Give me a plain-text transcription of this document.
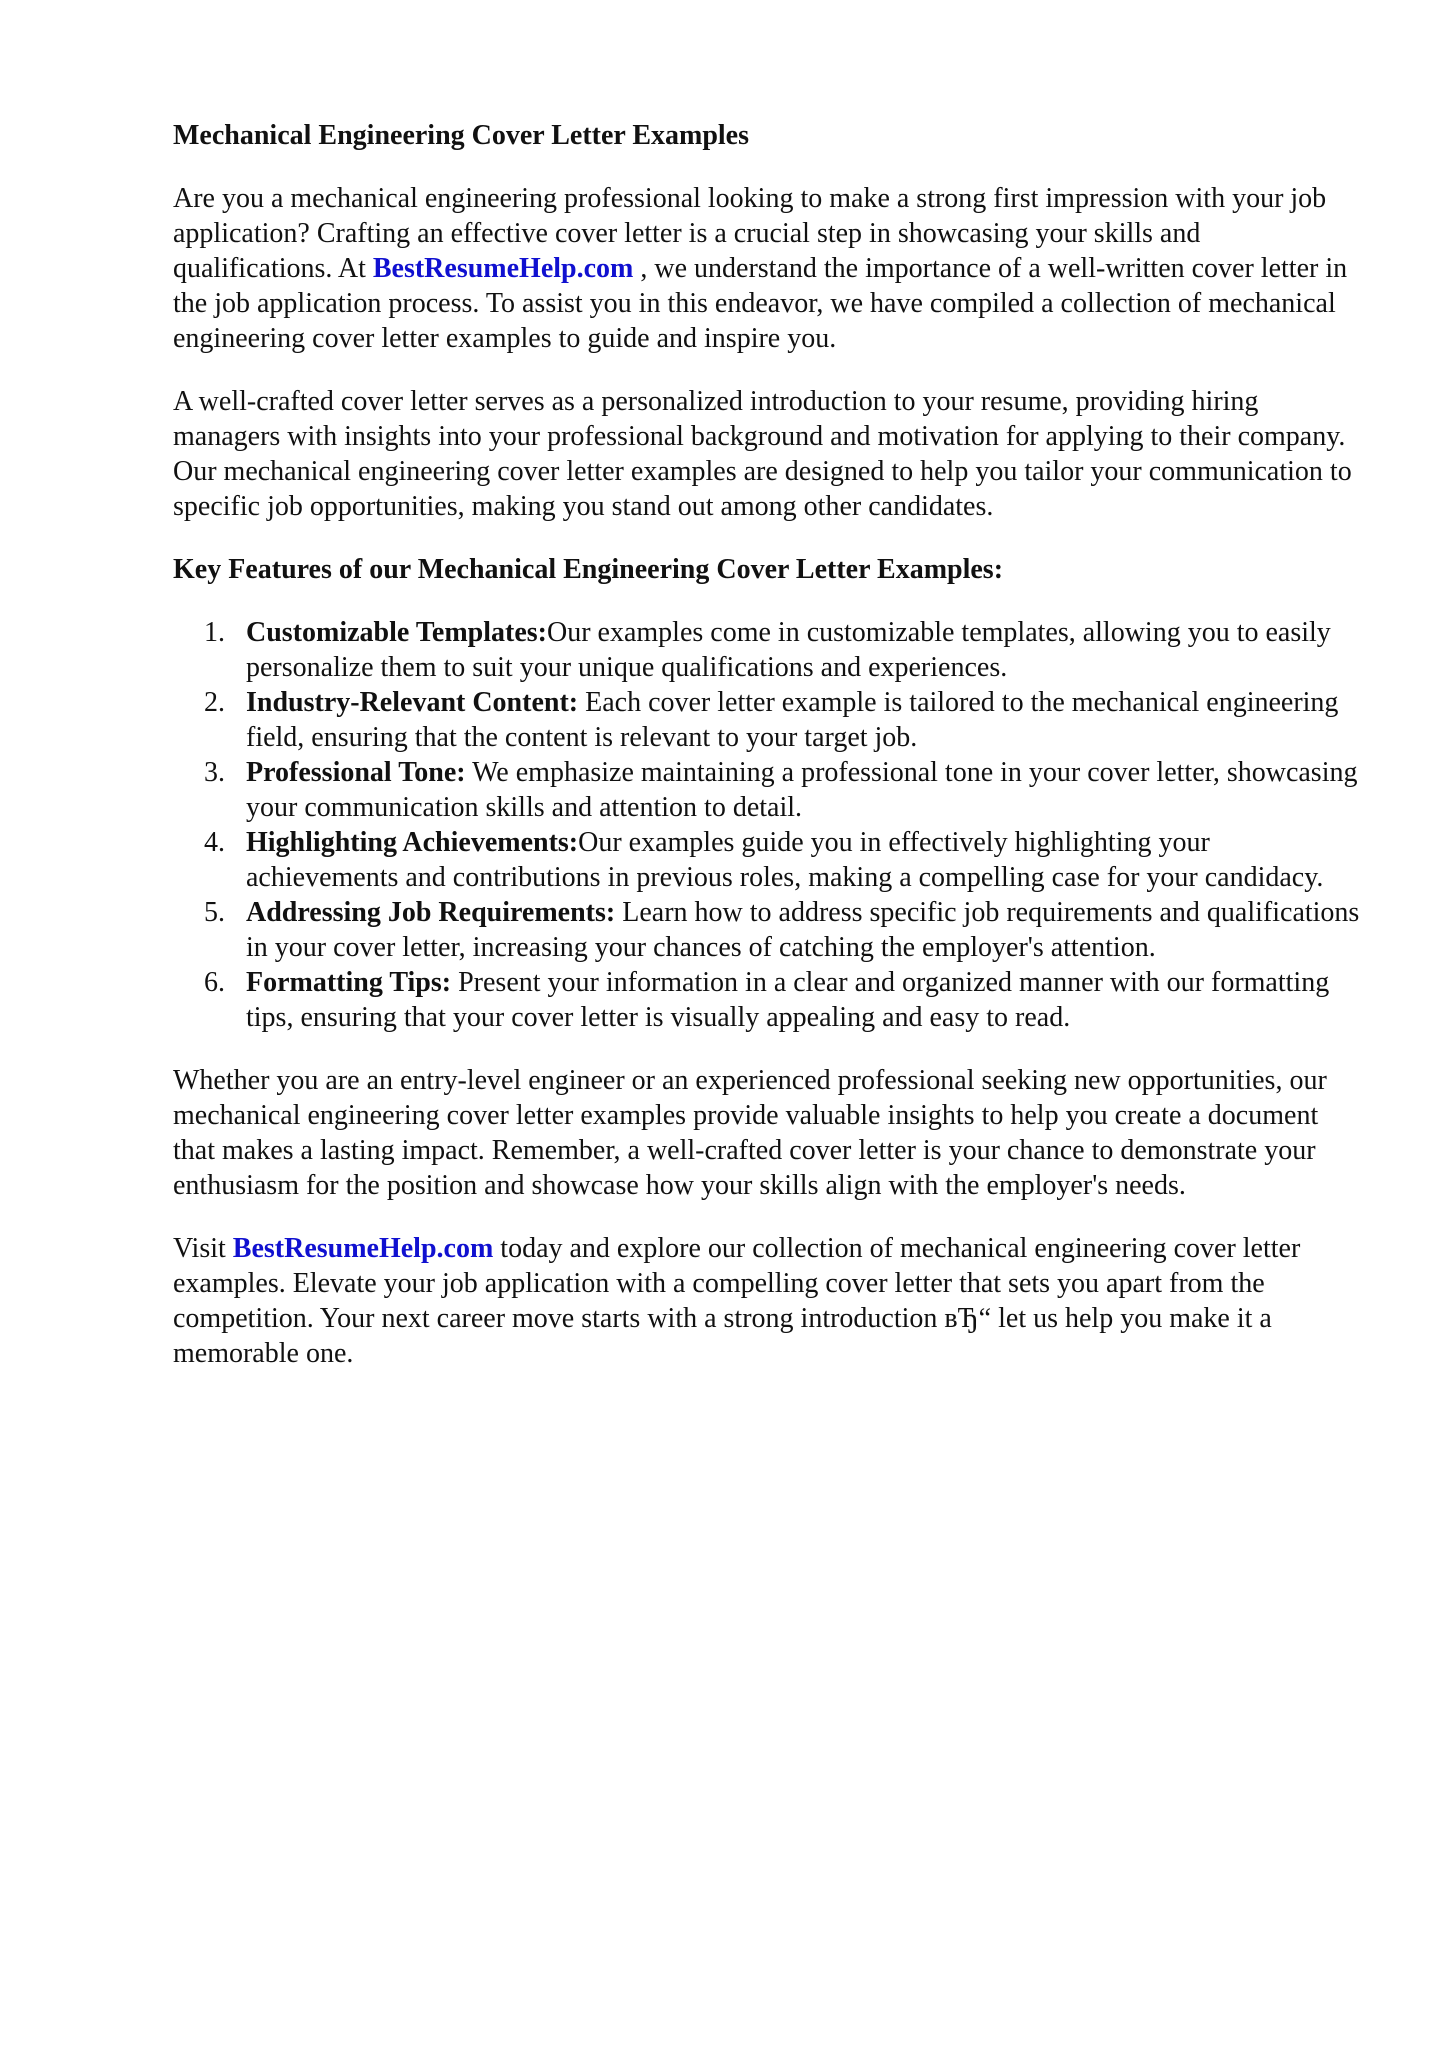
Mechanical Engineering Cover Letter Examples

Are you a mechanical engineering professional looking to make a strong first impression with your job application? Crafting an effective cover letter is a crucial step in showcasing your skills and qualifications. At BestResumeHelp.com , we understand the importance of a well-written cover letter in the job application process. To assist you in this endeavor, we have compiled a collection of mechanical engineering cover letter examples to guide and inspire you.

A well-crafted cover letter serves as a personalized introduction to your resume, providing hiring managers with insights into your professional background and motivation for applying to their company. Our mechanical engineering cover letter examples are designed to help you tailor your communication to specific job opportunities, making you stand out among other candidates.

Key Features of our Mechanical Engineering Cover Letter Examples:
1. Customizable Templates:Our examples come in customizable templates, allowing you to easily personalize them to suit your unique qualifications and experiences.
2. Industry-Relevant Content: Each cover letter example is tailored to the mechanical engineering field, ensuring that the content is relevant to your target job.
3. Professional Tone: We emphasize maintaining a professional tone in your cover letter, showcasing your communication skills and attention to detail.
4. Highlighting Achievements:Our examples guide you in effectively highlighting your achievements and contributions in previous roles, making a compelling case for your candidacy.
5. Addressing Job Requirements: Learn how to address specific job requirements and qualifications in your cover letter, increasing your chances of catching the employer's attention.
6. Formatting Tips: Present your information in a clear and organized manner with our formatting tips, ensuring that your cover letter is visually appealing and easy to read.

Whether you are an entry-level engineer or an experienced professional seeking new opportunities, our mechanical engineering cover letter examples provide valuable insights to help you create a document that makes a lasting impact. Remember, a well-crafted cover letter is your chance to demonstrate your enthusiasm for the position and showcase how your skills align with the employer's needs.

Visit BestResumeHelp.com today and explore our collection of mechanical engineering cover letter examples. Elevate your job application with a compelling cover letter that sets you apart from the competition. Your next career move starts with a strong introduction вЂ“ let us help you make it a memorable one.
